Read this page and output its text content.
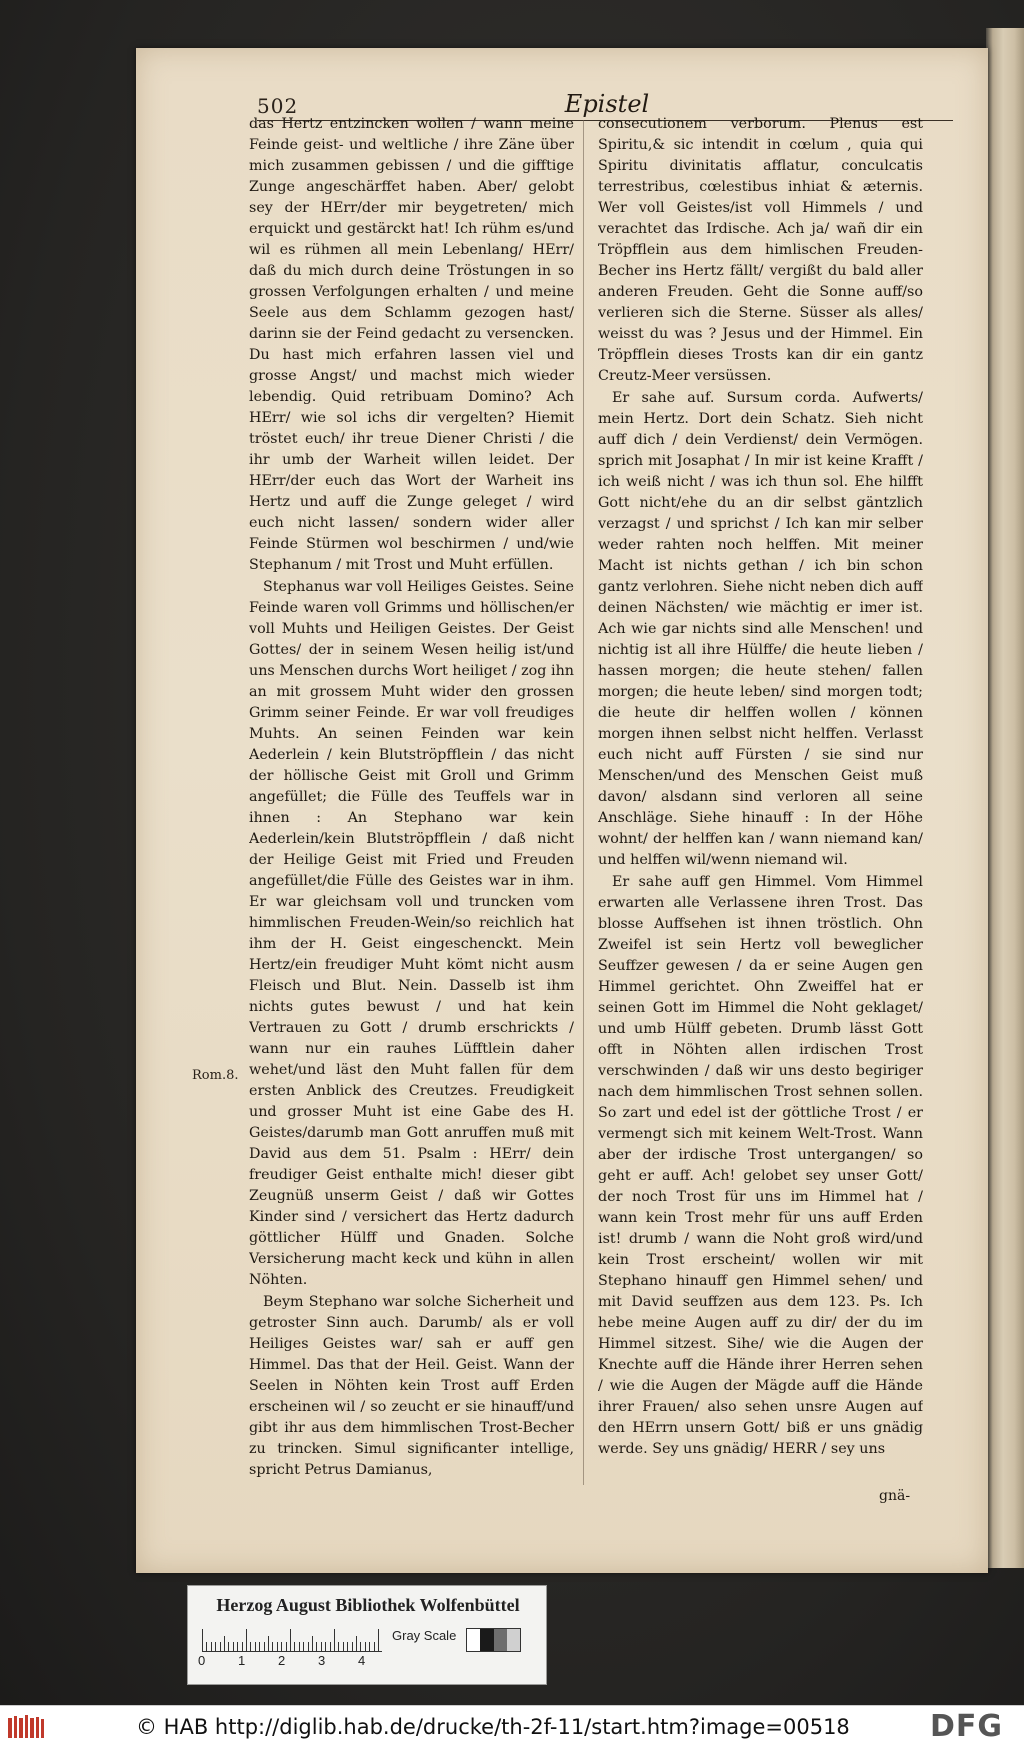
502	Epistel

das Hertz entzincken wollen / wann meine Feinde geist- und weltliche / ihre Zäne über mich zusammen gebissen / und die gifftige Zunge angeschärffet haben. Aber/ gelobt sey der HErr/der mir beygetreten/ mich erquickt und gestärckt hat! Ich rühm es/und wil es rühmen all mein Lebenlang/ HErr/ daß du mich durch deine Tröstungen in so grossen Verfolgungen erhalten / und meine Seele aus dem Schlamm gezogen hast/ darinn sie der Feind gedacht zu versencken. Du hast mich erfahren lassen viel und grosse Angst/ und machst mich wieder lebendig. Quid retribuam Domino? Ach HErr/ wie sol ichs dir vergelten? Hiemit tröstet euch/ ihr treue Diener Christi / die ihr umb der Warheit willen leidet. Der HErr/der euch das Wort der Warheit ins Hertz und auff die Zunge geleget / wird euch nicht lassen/ sondern wider aller Feinde Stürmen wol beschirmen / und/wie Stephanum / mit Trost und Muht erfüllen.

Stephanus war voll Heiliges Geistes. Seine Feinde waren voll Grimms und höllischen/er voll Muhts und Heiligen Geistes. Der Geist Gottes/ der in seinem Wesen heilig ist/und uns Menschen durchs Wort heiliget / zog ihn an mit grossem Muht wider den grossen Grimm seiner Feinde. Er war voll freudiges Muhts. An seinen Feinden war kein Aederlein / kein Blutströpfflein / das nicht der höllische Geist mit Groll und Grimm angefüllet; die Fülle des Teuffels war in ihnen : An Stephano war kein Aederlein/kein Blutströpfflein / daß nicht der Heilige Geist mit Fried und Freuden angefüllet/die Fülle des Geistes war in ihm. Er war gleichsam voll und truncken vom himmlischen Freuden-Wein/so reichlich hat ihm der H. Geist eingeschenckt. Mein Hertz/ein freudiger Muht kömt nicht ausm Fleisch und Blut. Nein. Dasselb ist ihm nichts gutes bewust / und hat kein Vertrauen zu Gott / drumb erschrickts / wann nur ein rauhes Lüfftlein daher wehet/und läst den Muht fallen für dem ersten Anblick des Creutzes. Freudigkeit und grosser Muht ist eine Gabe des H. Geistes/darumb man Gott anruffen muß mit David aus dem 51. Psalm : HErr/ dein freudiger Geist enthalte mich! dieser gibt Zeugnüß unserm Geist / daß wir Gottes Kinder sind / versichert das Hertz dadurch göttlicher Hülff und Gnaden. Solche Versicherung macht keck und kühn in allen Nöhten.

Beym Stephano war solche Sicherheit und getroster Sinn auch. Darumb/ als er voll Heiliges Geistes war/ sah er auff gen Himmel. Das that der Heil. Geist. Wann der Seelen in Nöhten kein Trost auff Erden erscheinen wil / so zeucht er sie hinauff/und gibt ihr aus dem himmlischen Trost-Becher zu trincken. Simul significanter intellige, spricht Petrus Damianus,

consecutionem verborum. Plenus est Spiritu,& sic intendit in cœlum , quia qui Spiritu divinitatis afflatur, conculcatis terrestribus, cœlestibus inhiat & æternis. Wer voll Geistes/ist voll Himmels / und verachtet das Irdische. Ach ja/ wañ dir ein Tröpfflein aus dem himlischen Freuden-Becher ins Hertz fällt/ vergißt du bald aller anderen Freuden. Geht die Sonne auff/so verlieren sich die Sterne. Süsser als alles/ weisst du was ? Jesus und der Himmel. Ein Tröpfflein dieses Trosts kan dir ein gantz Creutz-Meer versüssen.

Er sahe auf. Sursum corda. Aufwerts/ mein Hertz. Dort dein Schatz. Sieh nicht auff dich / dein Verdienst/ dein Vermögen. sprich mit Josaphat / In mir ist keine Krafft / ich weiß nicht / was ich thun sol. Ehe hilfft Gott nicht/ehe du an dir selbst gäntzlich verzagst / und sprichst / Ich kan mir selber weder rahten noch helffen. Mit meiner Macht ist nichts gethan / ich bin schon gantz verlohren. Siehe nicht neben dich auff deinen Nächsten/ wie mächtig er imer ist. Ach wie gar nichts sind alle Menschen! und nichtig ist all ihre Hülffe/ die heute lieben / hassen morgen; die heute stehen/ fallen morgen; die heute leben/ sind morgen todt; die heute dir helffen wollen / können morgen ihnen selbst nicht helffen. Verlasst euch nicht auff Fürsten / sie sind nur Menschen/und des Menschen Geist muß davon/ alsdann sind verloren all seine Anschläge. Siehe hinauff : In der Höhe wohnt/ der helffen kan / wann niemand kan/ und helffen wil/wenn niemand wil.

Er sahe auff gen Himmel. Vom Himmel erwarten alle Verlassene ihren Trost. Das blosse Auffsehen ist ihnen tröstlich. Ohn Zweifel ist sein Hertz voll beweglicher Seuffzer gewesen / da er seine Augen gen Himmel gerichtet. Ohn Zweiffel hat er seinen Gott im Himmel die Noht geklaget/ und umb Hülff gebeten. Drumb lässt Gott offt in Nöhten allen irdischen Trost verschwinden / daß wir uns desto begiriger nach dem himmlischen Trost sehnen sollen. So zart und edel ist der göttliche Trost / er vermengt sich mit keinem Welt-Trost. Wann aber der irdische Trost untergangen/ so geht er auff. Ach! gelobet sey unser Gott/ der noch Trost für uns im Himmel hat / wann kein Trost mehr für uns auff Erden ist! drumb / wann die Noht groß wird/und kein Trost erscheint/ wollen wir mit Stephano hinauff gen Himmel sehen/ und mit David seuffzen aus dem 123. Ps. Ich hebe meine Augen auff zu dir/ der du im Himmel sitzest. Sihe/ wie die Augen der Knechte auff die Hände ihrer Herren sehen / wie die Augen der Mägde auff die Hände ihrer Frauen/ also sehen unsre Augen auf den HErrn unsern Gott/ biß er uns gnädig werde. Sey uns gnädig/ HERR / sey uns

Rom.8.
gnä-
Herzog August Bibliothek Wolfenbüttel
0	1	2	3	4
Gray Scale
© HAB http://diglib.hab.de/drucke/th-2f-11/start.htm?image=00518	DFG
